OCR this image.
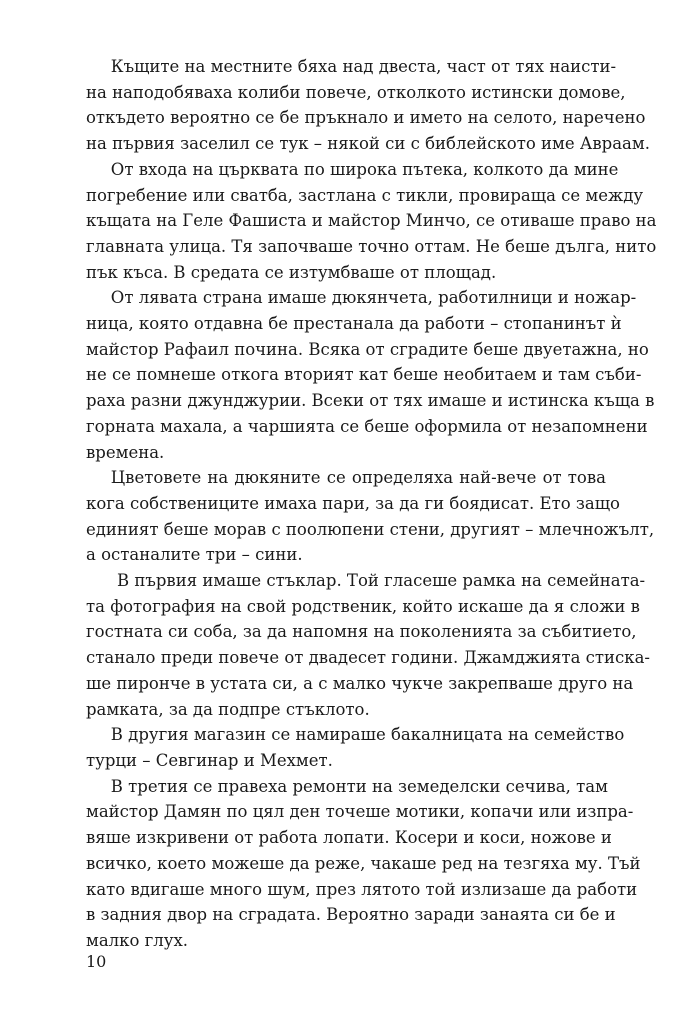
Къщите на местните бяха над двеста, част от тях наисти-
на наподобяваха колиби повече, отколкото истински домове,
откъдето вероятно се бе пръкнало и името на селото, наречено
на първия заселил се тук – някой си с библейското име Авраам.
От входа на църквата по широка пътека, колкото да мине
погребение или сватба, застлана с тикли, провираща се между
къщата на Геле Фашиста и майстор Минчо, се отиваше право на
главната улица. Тя започваше точно оттам. Не беше дълга, нито
пък къса. В средата се изтумбваше от площад.
От лявата страна имаше дюкянчета, работилници и ножар-
ница, която отдавна бе престанала да работи – стопанинът ѝ
майстор Рафаил почина. Всяка от сградите беше двуетажна, но
не се помнеше откога вторият кат беше необитаем и там съби-
раха разни джунджурии. Всеки от тях имаше и истинска къща в
горната махала, а чаршията се беше оформила от незапомнени
времена.
Цветовете на дюкяните се определяха най-вече от това
кога собствениците имаха пари, за да ги боядисат. Ето защо
единият беше морав с поолюпени стени, другият – млечножълт,
а останалите три – сини.
В първия имаше стъклар. Той гласеше рамка на семейната-
та фотография на свой родственик, който искаше да я сложи в
гостната си соба, за да напомня на поколенията за събитието,
станало преди повече от двадесет години. Джамджията стиска-
ше пиронче в устата си, а с малко чукче закрепваше друго на
рамката, за да подпре стъклото.
В другия магазин се намираше бакалницата на семейство
турци – Севгинар и Мехмет.
В третия се правеха ремонти на земеделски сечива, там
майстор Дамян по цял ден точеше мотики, копачи или изпра-
вяше изкривени от работа лопати. Косери и коси, ножове и
всичко, което можеше да реже, чакаше ред на тезгяха му. Тъй
като вдигаше много шум, през лятото той излизаше да работи
в задния двор на сградата. Вероятно заради занаята си бе и
малко глух.
10
